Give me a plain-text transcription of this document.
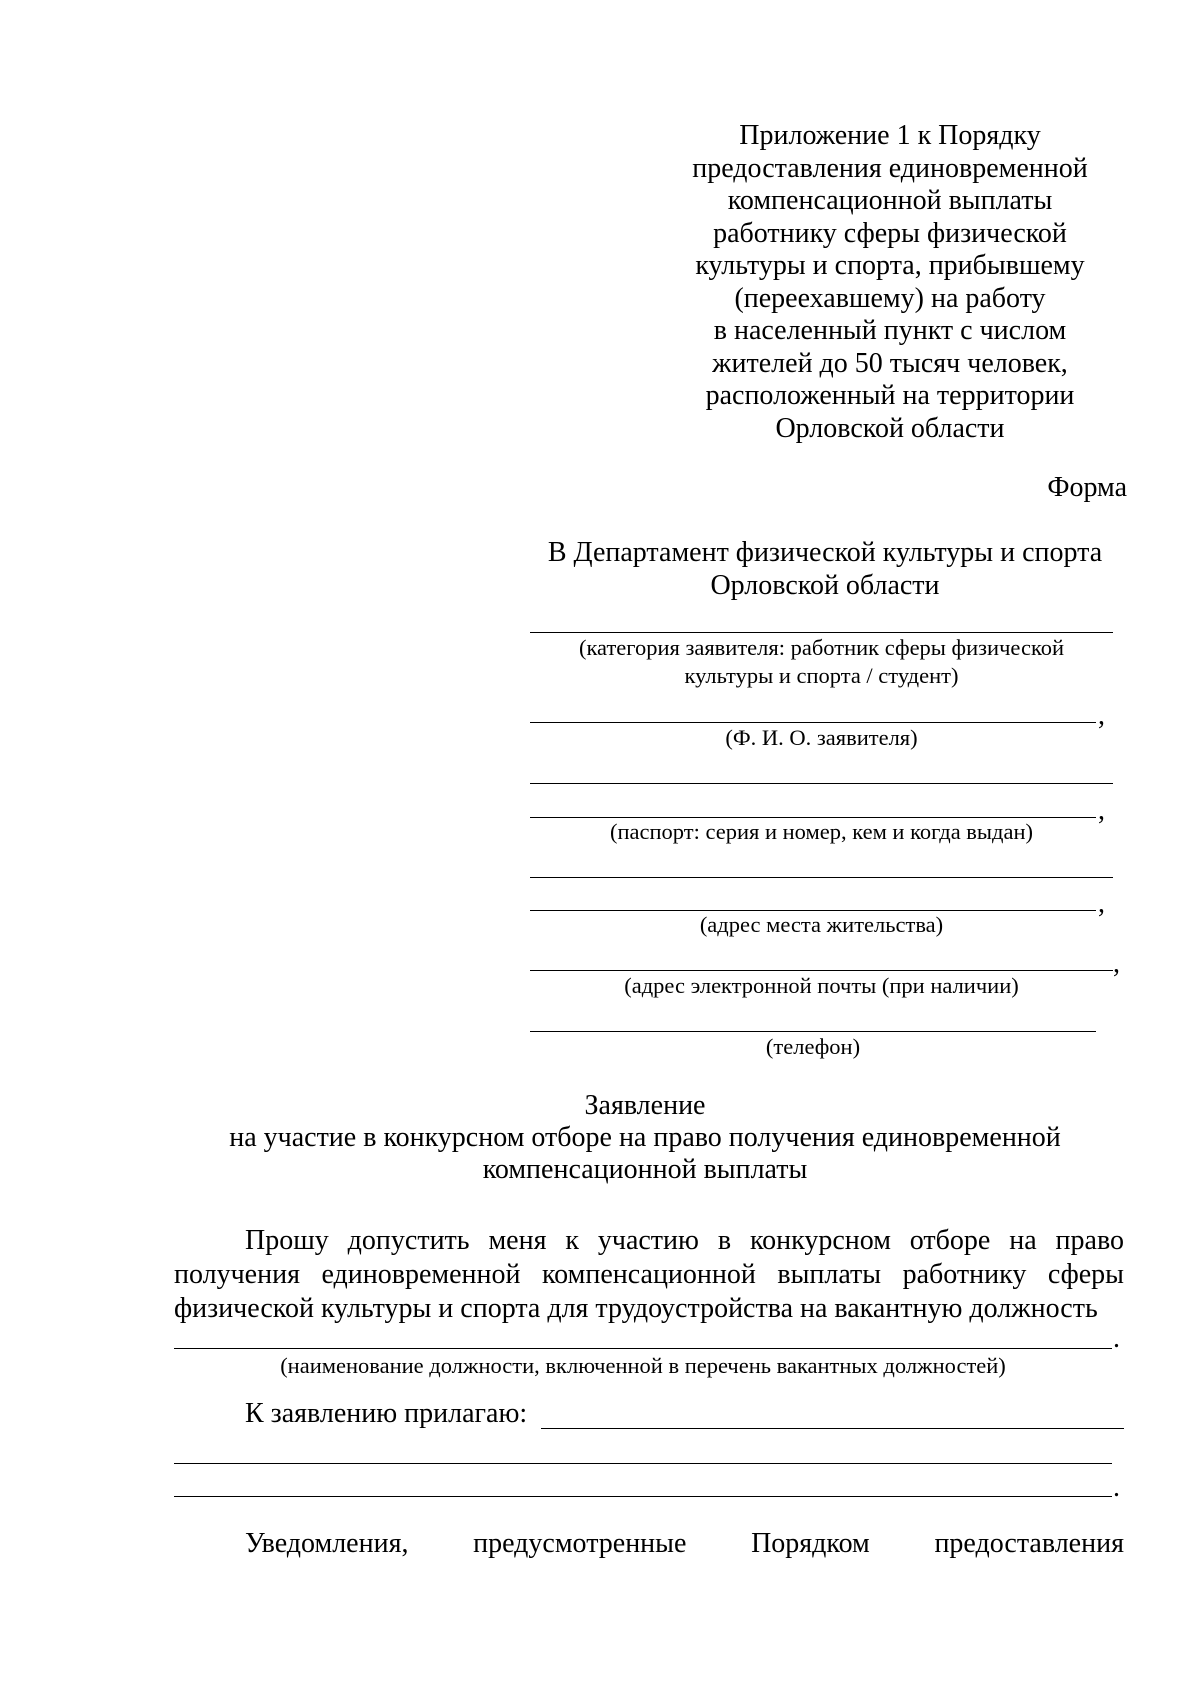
Приложение 1 к Порядку
предоставления единовременной
компенсационной выплаты
работнику сферы физической
культуры и спорта, прибывшему
(переехавшему) на работу
в населенный пункт с числом
жителей до 50 тысяч человек,
расположенный на территории
Орловской области
Форма
В Департамент физической культуры и спорта
Орловской области
(категория заявителя: работник сферы физической
культуры и спорта / студент)
,
(Ф. И. О. заявителя)
,
(паспорт: серия и номер, кем и когда выдан)
,
(адрес места жительства)
,
(адрес электронной почты (при наличии)
(телефон)
Заявление
на участие в конкурсном отборе на право получения единовременной
компенсационной выплаты
Прошу допустить меня к участию в конкурсном отборе на право получения единовременной компенсационной выплаты работнику сферы физической культуры и спорта для трудоустройства на вакантную должность
.
(наименование должности, включенной в перечень вакантных должностей)
К заявлению прилагаю:
.
Уведомления, предусмотренные Порядком предоставления
